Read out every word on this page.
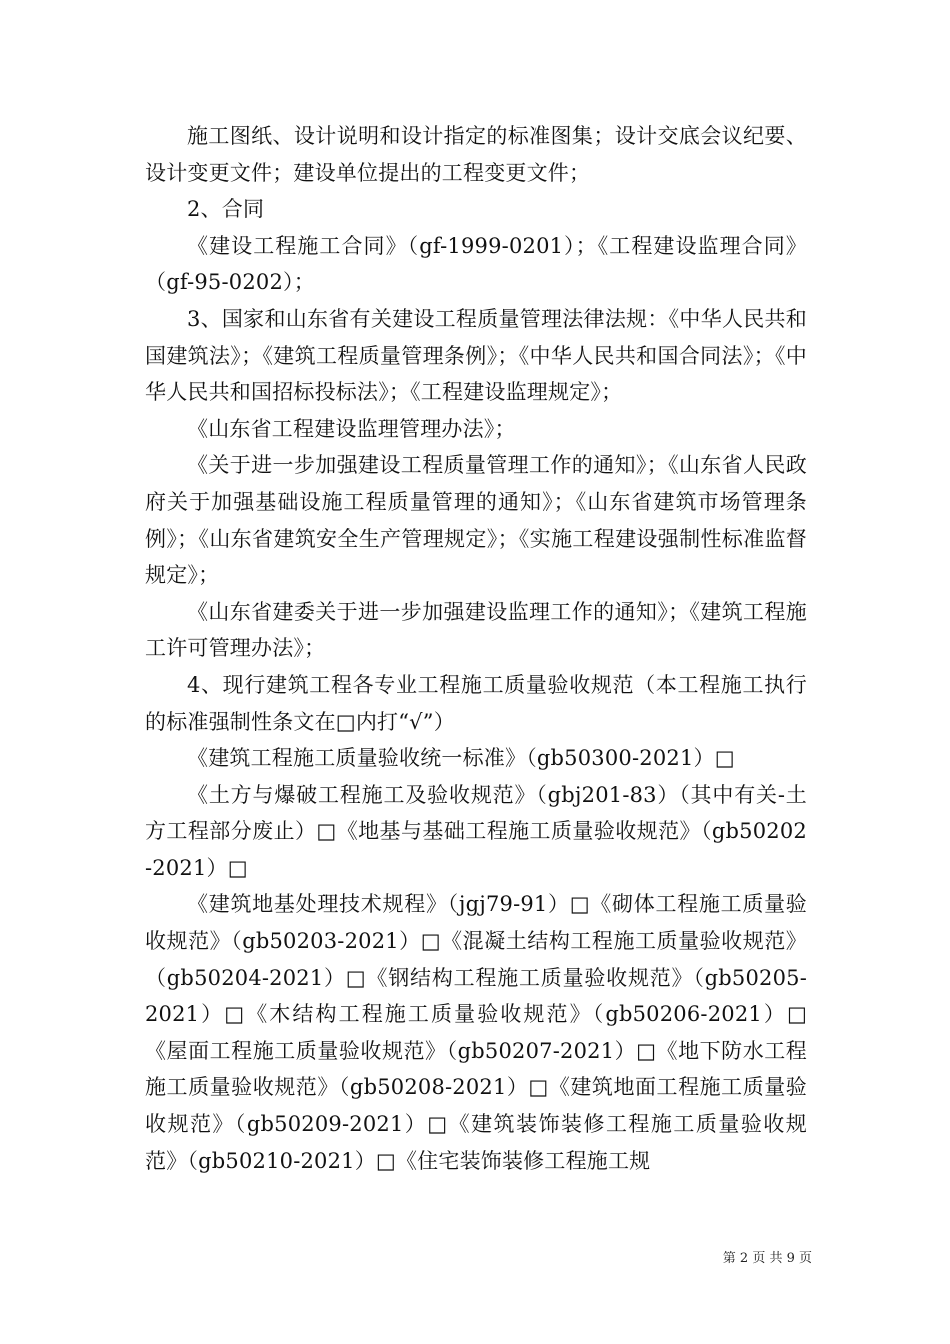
施工图纸、设计说明和设计指定的标准图集；设计交底会议纪要、设计变更文件；建设单位提出的工程变更文件；

2、合同

《建设工程施工合同》（gf-1999-0201）；《工程建设监理合同》（gf-95-0202）；

3、国家和山东省有关建设工程质量管理法律法规：《中华人民共和国建筑法》；《建筑工程质量管理条例》；《中华人民共和国合同法》；《中华人民共和国招标投标法》；《工程建设监理规定》；

《山东省工程建设监理管理办法》；

《关于进一步加强建设工程质量管理工作的通知》；《山东省人民政府关于加强基础设施工程质量管理的通知》；《山东省建筑市场管理条例》；《山东省建筑安全生产管理规定》；《实施工程建设强制性标准监督规定》；

《山东省建委关于进一步加强建设监理工作的通知》；《建筑工程施工许可管理办法》；

4、现行建筑工程各专业工程施工质量验收规范（本工程施工执行的标准强制性条文在□内打“√”）

《建筑工程施工质量验收统一标准》（gb50300-2021）□

《土方与爆破工程施工及验收规范》（gbj201-83）（其中有关-土方工程部分废止）□《地基与基础工程施工质量验收规范》（gb50202-2021）□

《建筑地基处理技术规程》（jgj79-91）□《砌体工程施工质量验收规范》（gb50203-2021）□《混凝土结构工程施工质量验收规范》（gb50204-2021）□《钢结构工程施工质量验收规范》（gb50205-2021）□《木结构工程施工质量验收规范》（gb50206-2021）□《屋面工程施工质量验收规范》（gb50207-2021）□《地下防水工程施工质量验收规范》（gb50208-2021）□《建筑地面工程施工质量验收规范》（gb50209-2021）□《建筑装饰装修工程施工质量验收规范》（gb50210-2021）□《住宅装饰装修工程施工规

第 2 页 共 9 页
